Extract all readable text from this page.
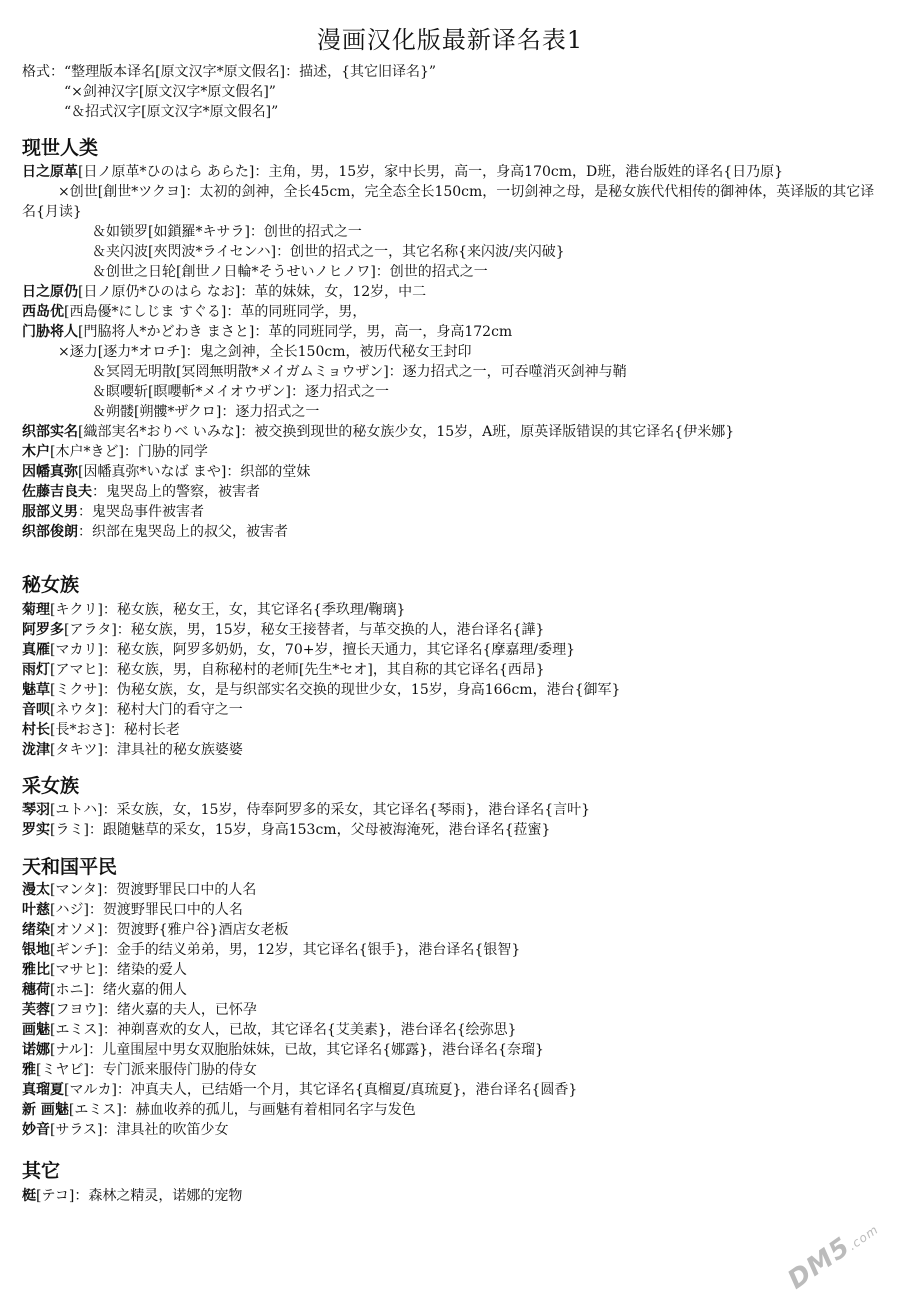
漫画汉化版最新译名表1
格式：“整理版本译名[原文汉字*原文假名]：描述，{其它旧译名}”
“×剑神汉字[原文汉字*原文假名]”
“＆招式汉字[原文汉字*原文假名]”
现世人类
日之原革[日ノ原革*ひのはら あらた]：主角，男，15岁，家中长男，高一，身高170cm，D班，港台版姓的译名{日乃原}
×创世[創世*ツクヨ]：太初的剑神，全长45cm，完全态全长150cm，一切剑神之母，是秘女族代代相传的御神体，英译版的其它译名{月读}
＆如锁罗[如鎖羅*キサラ]：创世的招式之一
＆夹闪波[夾閃波*ライセンハ]：创世的招式之一，其它名称{来闪波/夹闪破}
＆创世之日轮[創世ノ日輪*そうせいノヒノワ]：创世的招式之一
日之原仍[日ノ原仍*ひのはら なお]：革的妹妹，女，12岁，中二
西岛优[西島優*にしじま すぐる]：革的同班同学，男，
门胁将人[門脇将人*かどわき まさと]：革的同班同学，男，高一，身高172cm
×逐力[逐力*オロチ]：鬼之剑神，全长150cm，被历代秘女王封印
＆冥罔无明散[冥罔無明散*メイガムミョウザン]：逐力招式之一，可吞噬消灭剑神与鞘
＆瞑嚶斩[瞑嚶斬*メイオウザン]：逐力招式之一
＆朔髅[朔髏*ザクロ]：逐力招式之一
织部实名[織部実名*おりべ いみな]：被交换到现世的秘女族少女，15岁，A班，原英译版错误的其它译名{伊米娜}
木户[木户*きど]：门胁的同学
因幡真弥[因幡真弥*いなば まや]：织部的堂妹
佐藤吉良夫：鬼哭岛上的警察，被害者
服部义男：鬼哭岛事件被害者
织部俊朗：织部在鬼哭岛上的叔父，被害者
秘女族
菊理[キクリ]：秘女族，秘女王，女，其它译名{季玖理/鞠璃}
阿罗多[アラタ]：秘女族，男，15岁，秘女王接替者，与革交换的人，港台译名{譁}
真雁[マカリ]：秘女族，阿罗多奶奶，女，70+岁，擅长天通力，其它译名{摩嘉理/委理}
雨灯[アマヒ]：秘女族，男，自称秘村的老师[先生*セオ]，其自称的其它译名{西昂}
魅草[ミクサ]：伪秘女族，女，是与织部实名交换的现世少女，15岁，身高166cm，港台{御军}
音呗[ネウタ]：秘村大门的看守之一
村长[長*おさ]：秘村长老
泷津[タキツ]：津具社的秘女族婆婆
采女族
琴羽[ユトハ]：采女族，女，15岁，侍奉阿罗多的采女，其它译名{琴雨}，港台译名{言叶}
罗实[ラミ]：跟随魅草的采女，15岁，身高153cm，父母被海淹死，港台译名{菈蜜}
天和国平民
漫太[マンタ]：贺渡野罪民口中的人名
叶慈[ハジ]：贺渡野罪民口中的人名
绪染[オソメ]：贺渡野{雅户谷}酒店女老板
银地[ギンチ]：金手的结义弟弟，男，12岁，其它译名{银手}，港台译名{银智}
雅比[マサヒ]：绪染的爱人
穗荷[ホニ]：绪火嘉的佣人
芙蓉[フヨウ]：绪火嘉的夫人，已怀孕
画魅[エミス]：神剃喜欢的女人，已故，其它译名{艾美素}，港台译名{绘弥思}
诺娜[ナル]：儿童围屋中男女双胞胎妹妹，已故，其它译名{娜露}，港台译名{奈瑠}
雅[ミヤビ]：专门派来服侍门胁的侍女
真瑠夏[マルカ]：冲真夫人，已结婚一个月，其它译名{真榴夏/真琉夏}，港台译名{圆香}
新 画魅[エミス]：赫血收养的孤儿，与画魅有着相同名字与发色
妙音[サラス]：津具社的吹笛少女
其它
梃[テコ]：森林之精灵，诺娜的宠物
DM5.com
